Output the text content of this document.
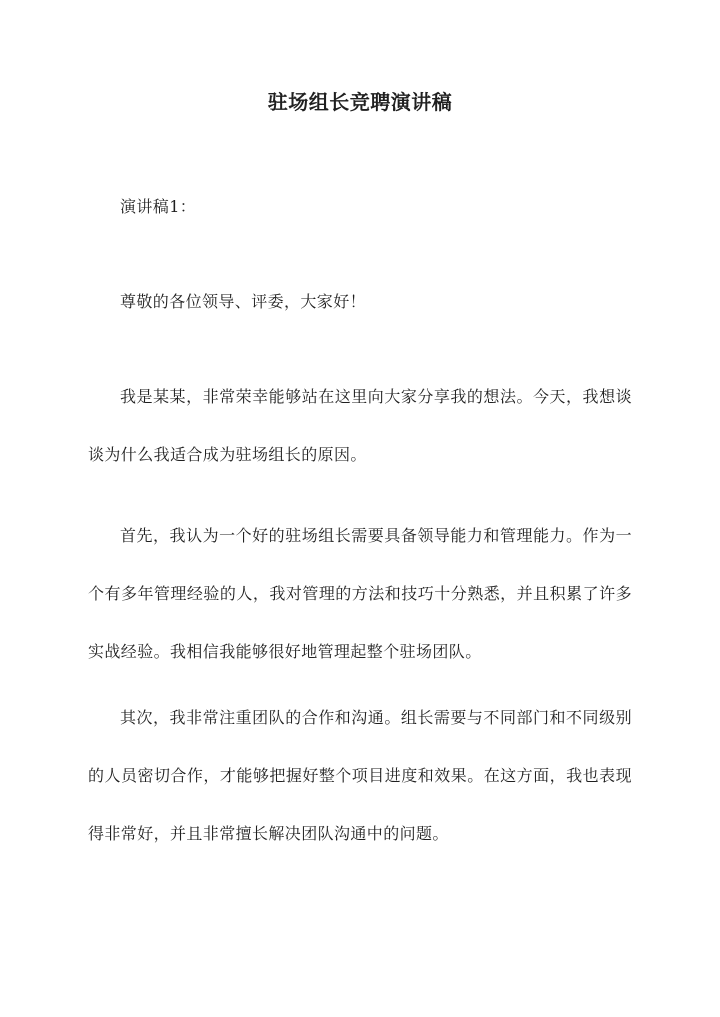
驻场组长竞聘演讲稿

演讲稿1：

尊敬的各位领导、评委，大家好！

我是某某，非常荣幸能够站在这里向大家分享我的想法。今天，我想谈谈为什么我适合成为驻场组长的原因。

首先，我认为一个好的驻场组长需要具备领导能力和管理能力。作为一个有多年管理经验的人，我对管理的方法和技巧十分熟悉，并且积累了许多实战经验。我相信我能够很好地管理起整个驻场团队。

其次，我非常注重团队的合作和沟通。组长需要与不同部门和不同级别的人员密切合作，才能够把握好整个项目进度和效果。在这方面，我也表现得非常好，并且非常擅长解决团队沟通中的问题。
